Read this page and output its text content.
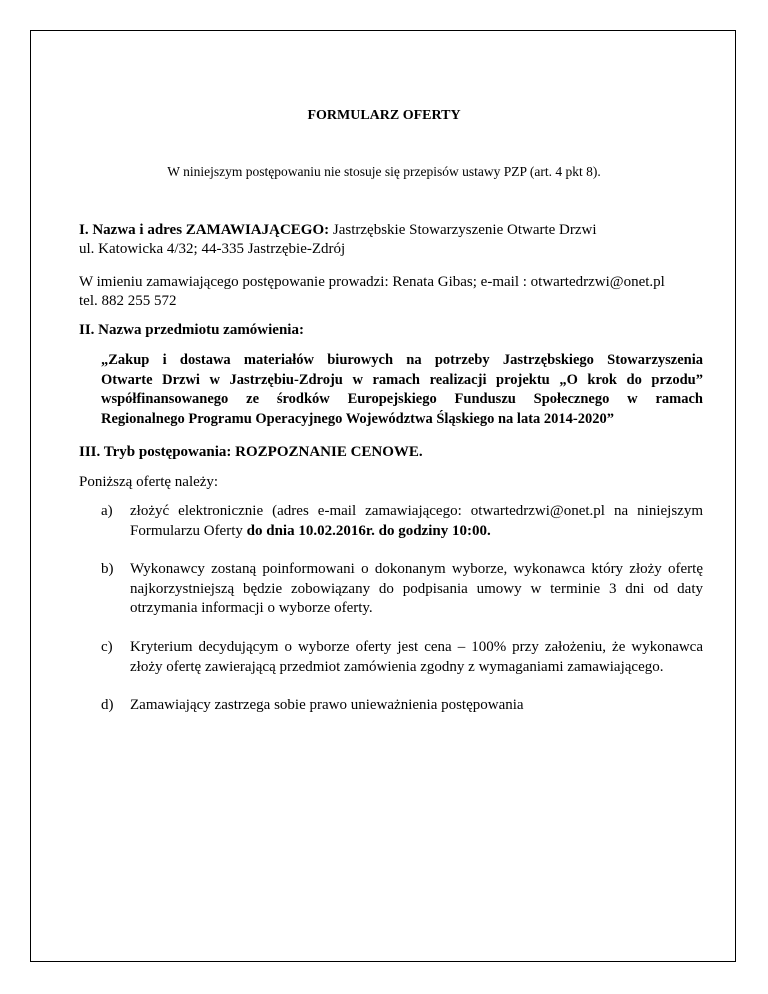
FORMULARZ OFERTY
W niniejszym postępowaniu nie stosuje się przepisów ustawy PZP (art. 4 pkt 8).
I. Nazwa i adres ZAMAWIAJĄCEGO: Jastrzębskie Stowarzyszenie Otwarte Drzwi
ul. Katowicka 4/32; 44-335 Jastrzębie-Zdrój
W imieniu zamawiającego postępowanie prowadzi: Renata Gibas; e-mail : otwartedrzwi@onet.pl
tel. 882 255 572
II. Nazwa przedmiotu zamówienia:
„Zakup i dostawa materiałów biurowych na potrzeby Jastrzębskiego Stowarzyszenia
Otwarte Drzwi w Jastrzębiu-Zdroju w ramach realizacji projektu „O krok do przodu”
współfinansowanego ze środków Europejskiego Funduszu Społecznego w ramach
Regionalnego Programu Operacyjnego Województwa Śląskiego na lata 2014-2020”
III. Tryb postępowania: ROZPOZNANIE CENOWE.
Poniższą ofertę należy:
a) złożyć elektronicznie (adres e-mail zamawiającego: otwartedrzwi@onet.pl na niniejszym
Formularzu Oferty do dnia 10.02.2016r. do godziny 10:00.
b) Wykonawcy zostaną poinformowani o dokonanym wyborze, wykonawca który złoży ofertę
najkorzystniejszą będzie zobowiązany do podpisania umowy w terminie 3 dni od daty
otrzymania informacji o wyborze oferty.
c) Kryterium decydującym o wyborze oferty jest cena – 100% przy założeniu, że wykonawca
złoży ofertę zawierającą przedmiot zamówienia zgodny z wymaganiami zamawiającego.
d) Zamawiający zastrzega sobie prawo unieważnienia postępowania
